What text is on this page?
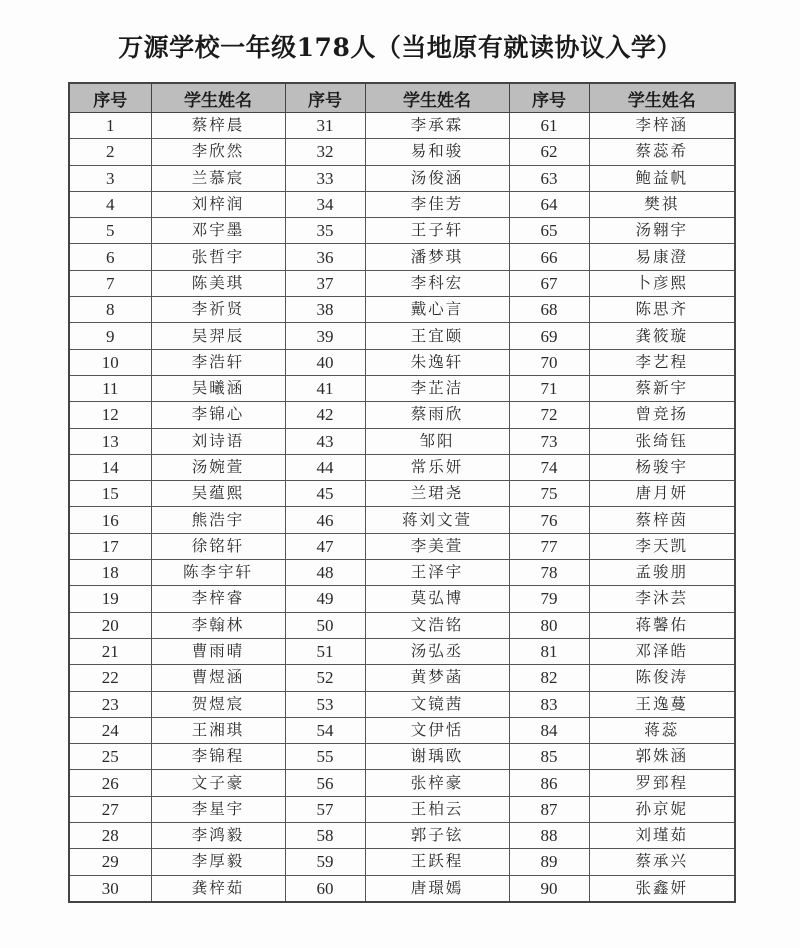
万源学校一年级178人（当地原有就读协议入学）
序号	学生姓名	序号	学生姓名	序号	学生姓名
1	蔡梓晨	31	李承霖	61	李梓涵
2	李欣然	32	易和骏	62	蔡蕊希
3	兰慕宸	33	汤俊涵	63	鲍益帆
4	刘梓润	34	李佳芳	64	樊祺
5	邓宇墨	35	王子轩	65	汤翱宇
6	张哲宇	36	潘梦琪	66	易康澄
7	陈美琪	37	李科宏	67	卜彦熙
8	李祈贤	38	戴心言	68	陈思齐
9	吴羿辰	39	王宜颐	69	龚筱璇
10	李浩轩	40	朱逸轩	70	李艺程
11	吴曦涵	41	李芷洁	71	蔡新宇
12	李锦心	42	蔡雨欣	72	曾竞扬
13	刘诗语	43	邹阳	73	张绮钰
14	汤婉萱	44	常乐妍	74	杨骏宇
15	吴蕴熙	45	兰珺尧	75	唐月妍
16	熊浩宇	46	蒋刘文萱	76	蔡梓茵
17	徐铭轩	47	李美萱	77	李天凯
18	陈李宇轩	48	王泽宇	78	孟骏朋
19	李梓睿	49	莫弘博	79	李沐芸
20	李翰林	50	文浩铭	80	蒋馨佑
21	曹雨晴	51	汤弘丞	81	邓泽皓
22	曹煜涵	52	黄梦菡	82	陈俊涛
23	贺煜宸	53	文镜茜	83	王逸蔓
24	王湘琪	54	文伊恬	84	蒋蕊
25	李锦程	55	谢瑀欧	85	郭姝涵
26	文子豪	56	张梓豪	86	罗郅程
27	李星宇	57	王柏云	87	孙京妮
28	李鸿毅	58	郭子铉	88	刘瑾茹
29	李厚毅	59	王跃程	89	蔡承兴
30	龚梓茹	60	唐璟嫣	90	张鑫妍
